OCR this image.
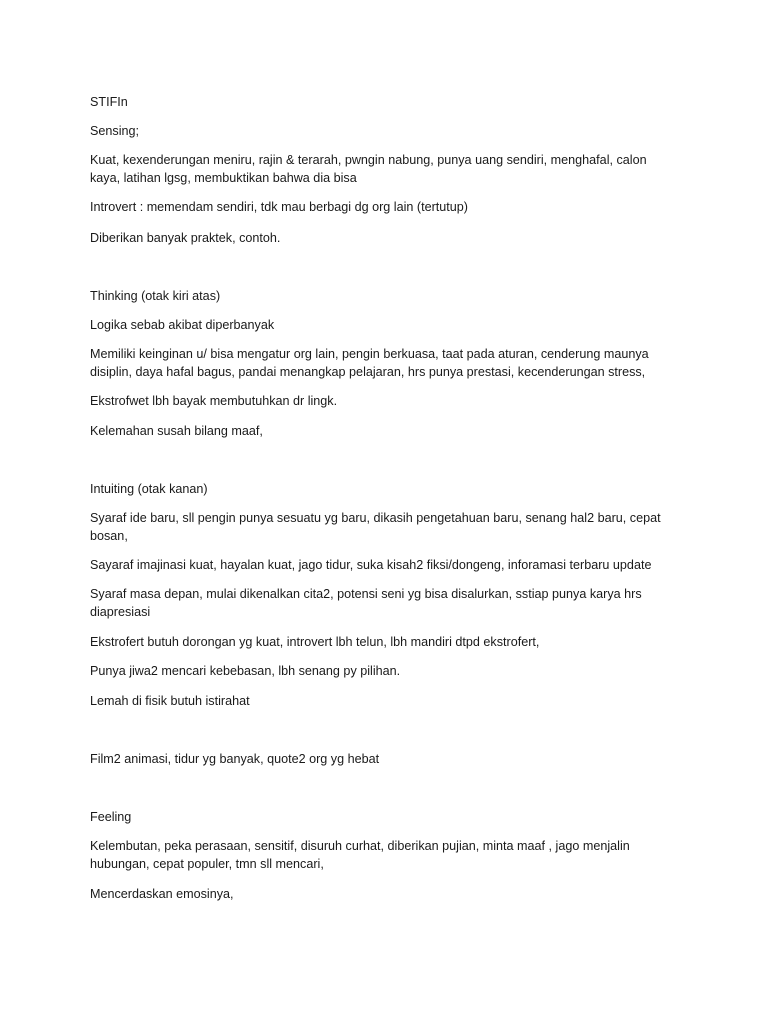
STIFIn

Sensing;

Kuat, kexenderungan meniru, rajin & terarah, pwngin nabung, punya uang sendiri, menghafal, calon kaya, latihan lgsg, membuktikan bahwa dia bisa

Introvert : memendam sendiri, tdk mau berbagi dg org lain (tertutup)

Diberikan banyak praktek, contoh.

Thinking (otak kiri atas)

Logika sebab akibat diperbanyak

Memiliki keinginan u/ bisa mengatur org lain, pengin berkuasa, taat pada aturan, cenderung maunya disiplin, daya hafal bagus, pandai menangkap pelajaran, hrs punya prestasi, kecenderungan stress,

Ekstrofwet lbh bayak membutuhkan dr lingk.

Kelemahan susah bilang maaf,

Intuiting (otak kanan)

Syaraf ide baru, sll pengin punya sesuatu yg baru, dikasih pengetahuan baru, senang hal2 baru, cepat bosan,

Sayaraf imajinasi kuat, hayalan kuat, jago tidur, suka kisah2 fiksi/dongeng, inforamasi terbaru update

Syaraf masa depan, mulai dikenalkan cita2, potensi seni yg bisa disalurkan, sstiap punya karya hrs diapresiasi

Ekstrofert butuh dorongan yg kuat, introvert lbh telun, lbh mandiri dtpd ekstrofert,

Punya jiwa2 mencari kebebasan, lbh senang py pilihan.

Lemah di fisik butuh istirahat

Film2 animasi, tidur yg banyak, quote2 org yg hebat

Feeling

Kelembutan, peka perasaan, sensitif, disuruh curhat, diberikan pujian, minta maaf , jago menjalin hubungan, cepat populer, tmn sll mencari,

Mencerdaskan emosinya,
